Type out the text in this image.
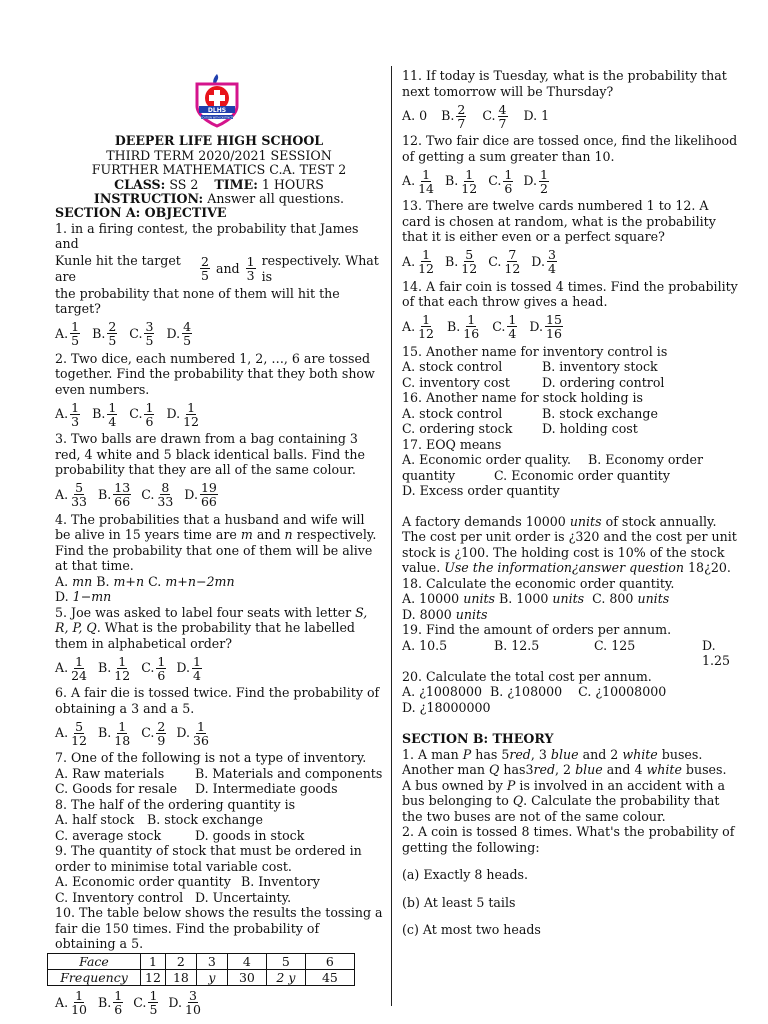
DLHS
EDUCATION WITH DISTINCTION
DEEPER LIFE HIGH SCHOOL
THIRD TERM 2020/2021 SESSION
FURTHER MATHEMATICS C.A. TEST 2
CLASS: SS 2 TIME: 1 HOURS
INSTRUCTION: Answer all questions.
SECTION A: OBJECTIVE
1. in a firing contest, the probability that James and
Kunle hit the target are
	$\frac{2}{5}$
and
$\frac{1}{3}$
respectively. What is
the probability that none of them will hit the target?
A. $\frac{1}{5} B$. $\frac{2}{5} C$. $\frac{3}{5} D$. $\frac{4}{5}$
2. Two dice, each numbered 1, 2, …, 6 are tossed together. Find the probability that they both show even numbers.
A. $\frac{1}{3} B$. $\frac{1}{4} C$. $\frac{1}{6} D$. $\frac{1}{12}$
3. Two balls are drawn from a bag containing 3 red, 4 white and 5 black identical balls. Find the probability that they are all of the same colour.
A. $\frac{5}{33} B$. $\frac{13}{66} C$. $\frac{8}{33} D$. $\frac{19}{66}$
4. The probabilities that a husband and wife will be alive in 15 years time are m and n respectively. Find the probability that one of them will be alive at that time.
A. mn B. m+n C. m+n−2mn
D. 1−mn
5. Joe was asked to label four seats with letter S, R, P, Q. What is the probability that he labelled them in alphabetical order?
A. $\frac{1}{24} B$. $\frac{1}{12} C$. $\frac{1}{6} D$. $\frac{1}{4}$
6. A fair die is tossed twice. Find the probability of obtaining a 3 and a 5.
A. $\frac{5}{12} B$. $\frac{1}{18} C$. $\frac{2}{9} D$. $\frac{1}{36}$
7. One of the following is not a type of inventory.
A. Raw materials	B. Materials and components
C. Goods for resale	D. Intermediate goods
8. The half of the ordering quantity is
A. half stock	B. stock exchange
C. average stock	D. goods in stock
9. The quantity of stock that must be ordered in order to minimise total variable cost.
A. Economic order quantity B. Inventory
C. Inventory control D. Uncertainty.
10. The table below shows the results the tossing a fair die 150 times. Find the probability of obtaining a 5.
Face	1	2	3	4	5	6
Frequency	12	18	y	30	2 y	45
A. $\frac{1}{10} B$. $\frac{1}{6} C$. $\frac{1}{5} D$. $\frac{3}{10}$
11. If today is Tuesday, what is the probability that next tomorrow will be Thursday?
A. 0 B. $\frac{2}{7} C$. $\frac{4}{7} D$. 1
12. Two fair dice are tossed once, find the likelihood of getting a sum greater than 10.
A. $\frac{1}{14} B$. $\frac{1}{12} C$. $\frac{1}{6} D$. $\frac{1}{2}$
13. There are twelve cards numbered 1 to 12. A card is chosen at random, what is the probability that it is either even or a perfect square?
A. $\frac{1}{12} B$. $\frac{5}{12} C$. $\frac{7}{12} D$. $\frac{3}{4}$
14. A fair coin is tossed 4 times. Find the probability of that each throw gives a head.
A. $\frac{1}{12} B$. $\frac{1}{16} C$. $\frac{1}{4} D$. $\frac{15}{16}$
15. Another name for inventory control is
A. stock control	B. inventory stock
C. inventory cost	D. ordering control
16. Another name for stock holding is
A. stock control	B. stock exchange
C. ordering stock	D. holding cost
17. EOQ means
A. Economic order quality.	B. Economy order
quantity	C. Economic order quantity
D. Excess order quantity
A factory demands 10000 units of stock annually. The cost per unit order is ¿320 and the cost per unit stock is ¿100. The holding cost is 10% of the stock value. Use the information¿answer question 18¿20.
18. Calculate the economic order quantity.
A. 10000 units B. 1000 units C. 800 units
D. 8000 units
19. Find the amount of orders per annum.
A. 10.5	B. 12.5	C. 125	D. 1.25
20. Calculate the total cost per annum.
A. ¿1008000 B. ¿108000 C. ¿10008000
D. ¿18000000
SECTION B: THEORY
1. A man P has 5red, 3 blue and 2 white buses. Another man Q has3red, 2 blue and 4 white buses. A bus owned by P is involved in an accident with a bus belonging to Q. Calculate the probability that the two buses are not of the same colour.
2. A coin is tossed 8 times. What's the probability of getting the following:
(a) Exactly 8 heads.
(b) At least 5 tails
(c) At most two heads
